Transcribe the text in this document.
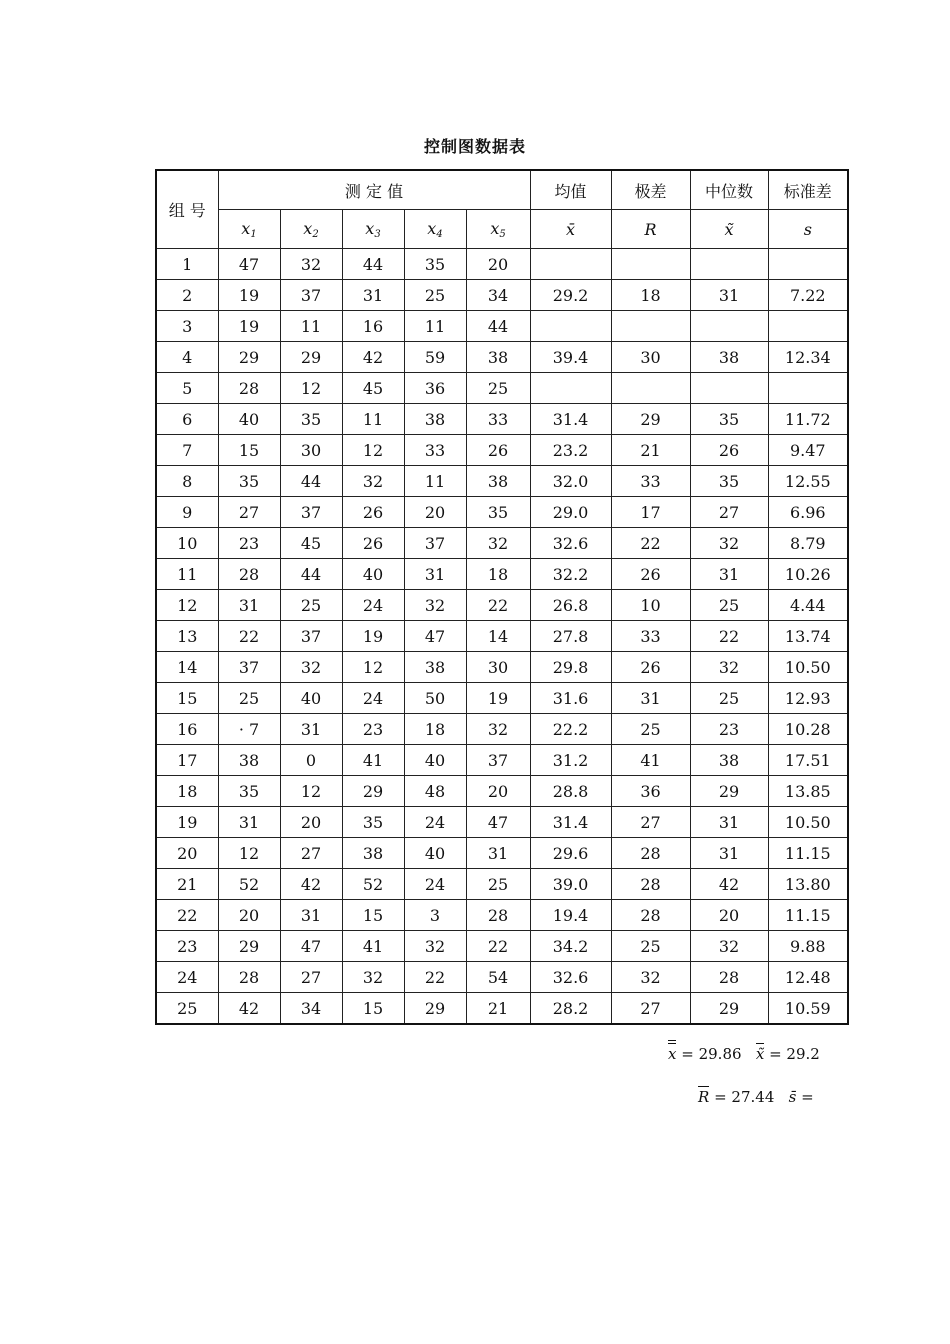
控制图数据表
组 号	测 定 值					均值	极差	中位数	标准差
	$x_1$	$x_2$	$x_3$	$x_4$	$x_5$	x̄	R	x̃	s
1	47	32	44	35	20				
2	19	37	31	25	34	29.2	18	31	7.22
3	19	11	16	11	44				
4	29	29	42	59	38	39.4	30	38	12.34
5	28	12	45	36	25				
6	40	35	11	38	33	31.4	29	35	11.72
7	15	30	12	33	26	23.2	21	26	9.47
8	35	44	32	11	38	32.0	33	35	12.55
9	27	37	26	20	35	29.0	17	27	6.96
10	23	45	26	37	32	32.6	22	32	8.79
11	28	44	40	31	18	32.2	26	31	10.26
12	31	25	24	32	22	26.8	10	25	4.44
13	22	37	19	47	14	27.8	33	22	13.74
14	37	32	12	38	30	29.8	26	32	10.50
15	25	40	24	50	19	31.6	31	25	12.93
16	· 7	31	23	18	32	22.2	25	23	10.28
17	38	0	41	40	37	31.2	41	38	17.51
18	35	12	29	48	20	28.8	36	29	13.85
19	31	20	35	24	47	31.4	27	31	10.50
20	12	27	38	40	31	29.6	28	31	11.15
21	52	42	52	24	25	39.0	28	42	13.80
22	20	31	15	3	28	19.4	28	20	11.15
23	29	47	41	32	22	34.2	25	32	9.88
24	28	27	32	22	54	32.6	32	28	12.48
25	42	34	15	29	21	28.2	27	29	10.59
x = 29.86 x̃ = 29.2
R = 27.44 s̄ =
